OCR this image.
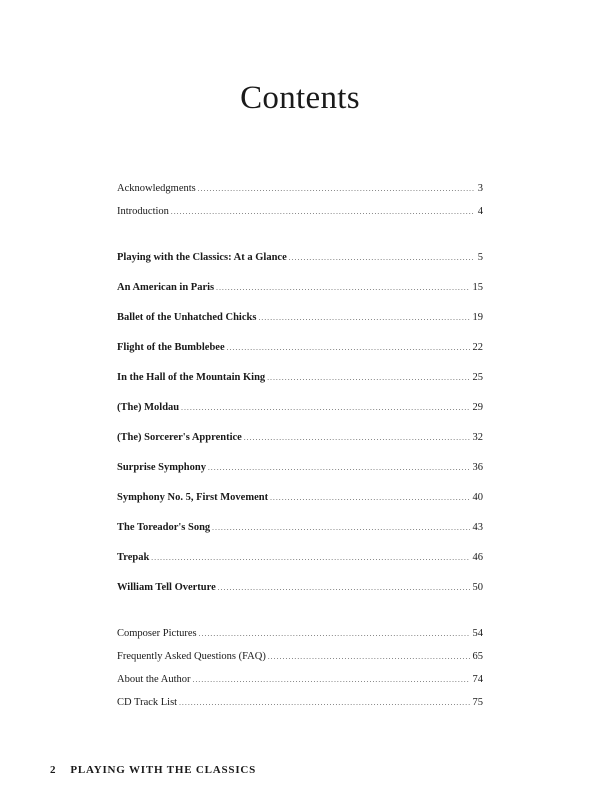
Contents
Acknowledgments .....	3
Introduction .....	4
Playing with the Classics: At a Glance .....	5
An American in Paris .....	15
Ballet of the Unhatched Chicks .....	19
Flight of the Bumblebee .....	22
In the Hall of the Mountain King .....	25
(The) Moldau .....	29
(The) Sorcerer's Apprentice .....	32
Surprise Symphony .....	36
Symphony No. 5, First Movement .....	40
The Toreador's Song .....	43
Trepak .....	46
William Tell Overture .....	50
Composer Pictures .....	54
Frequently Asked Questions (FAQ) .....	65
About the Author .....	74
CD Track List .....	75
2 PLAYING WITH THE CLASSICS
